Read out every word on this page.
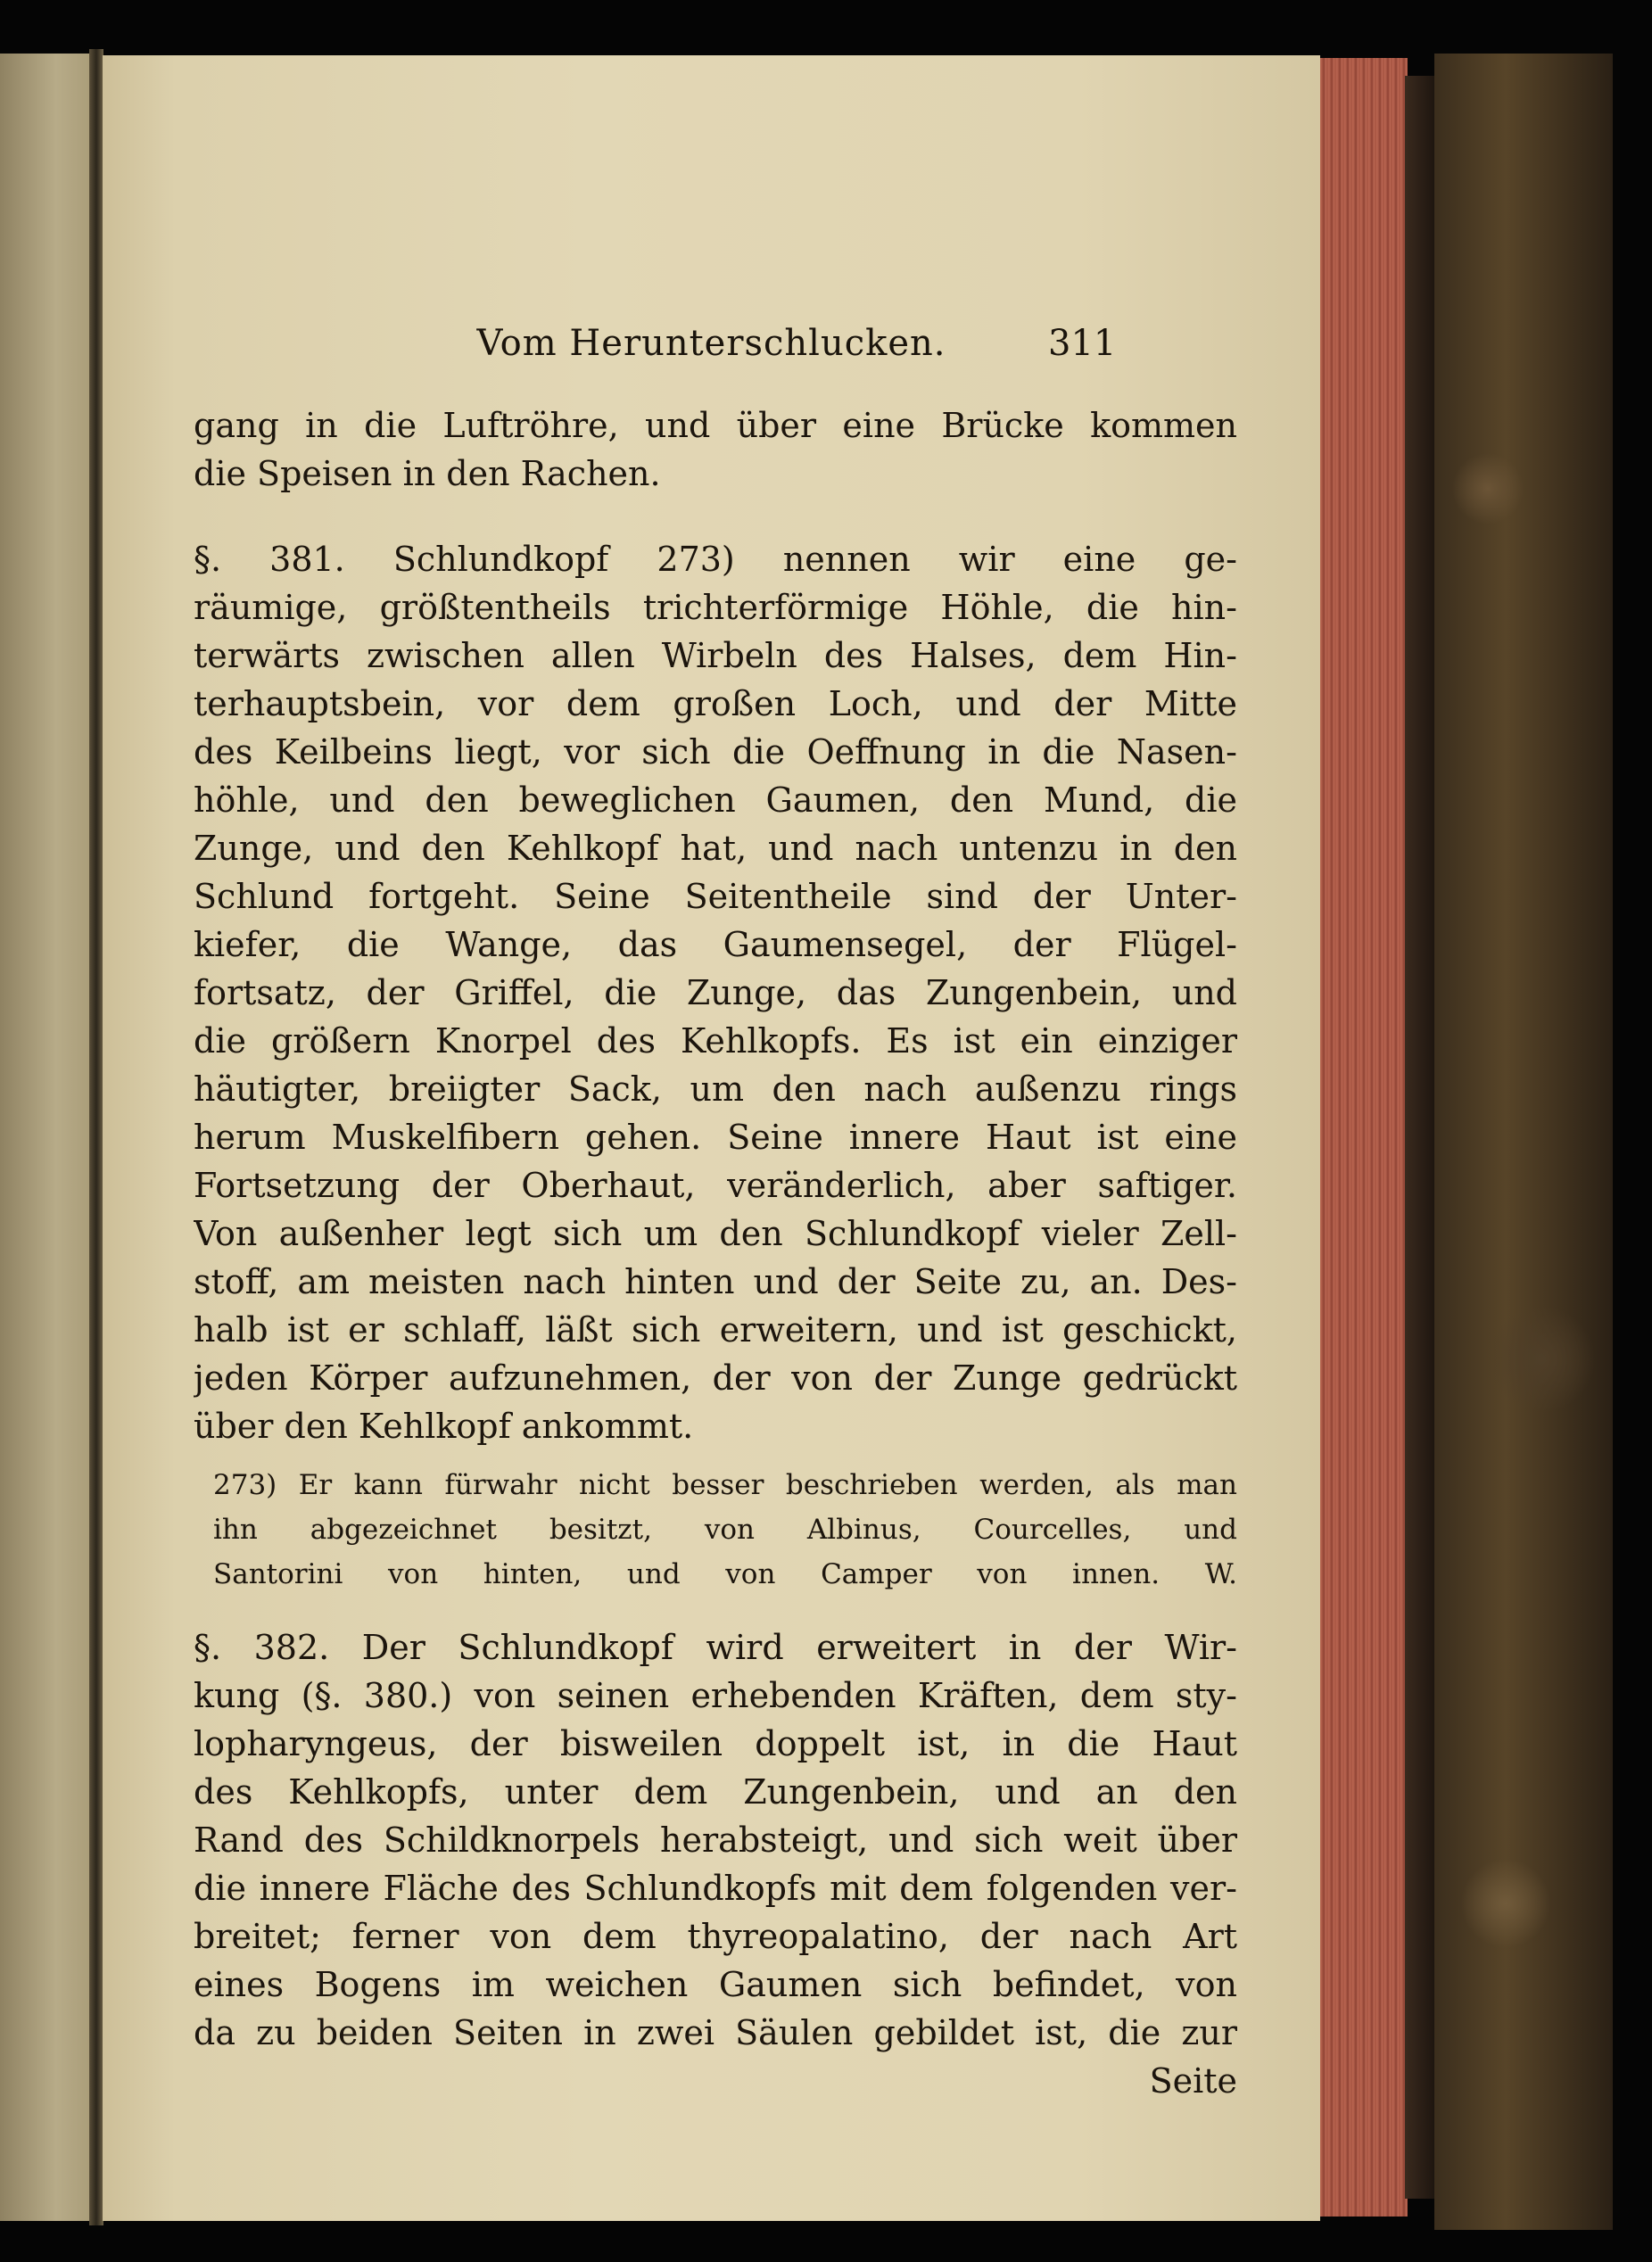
Vom Herunterschlucken.	311
gang in die Luftröhre, und über eine Brücke kommen
die Speisen in den Rachen.
§. 381. Schlundkopf 273) nennen wir eine ge-
räumige, größtentheils trichterförmige Höhle, die hin-
terwärts zwischen allen Wirbeln des Halses, dem Hin-
terhauptsbein, vor dem großen Loch, und der Mitte
des Keilbeins liegt, vor sich die Oeffnung in die Nasen-
höhle, und den beweglichen Gaumen, den Mund, die
Zunge, und den Kehlkopf hat, und nach untenzu in den
Schlund fortgeht. Seine Seitentheile sind der Unter-
kiefer, die Wange, das Gaumensegel, der Flügel-
fortsatz, der Griffel, die Zunge, das Zungenbein, und
die größern Knorpel des Kehlkopfs. Es ist ein einziger
häutigter, breiigter Sack, um den nach außenzu rings
herum Muskelfibern gehen. Seine innere Haut ist eine
Fortsetzung der Oberhaut, veränderlich, aber saftiger.
Von außenher legt sich um den Schlundkopf vieler Zell-
stoff, am meisten nach hinten und der Seite zu, an. Des-
halb ist er schlaff, läßt sich erweitern, und ist geschickt,
jeden Körper aufzunehmen, der von der Zunge gedrückt
über den Kehlkopf ankommt.
273) Er kann fürwahr nicht besser beschrieben werden, als man
ihn abgezeichnet besitzt, von Albinus, Courcelles, und
Santorini von hinten, und von Camper von innen. W.
§. 382. Der Schlundkopf wird erweitert in der Wir-
kung (§. 380.) von seinen erhebenden Kräften, dem sty-
lopharyngeus, der bisweilen doppelt ist, in die Haut
des Kehlkopfs, unter dem Zungenbein, und an den
Rand des Schildknorpels herabsteigt, und sich weit über
die innere Fläche des Schlundkopfs mit dem folgenden ver-
breitet; ferner von dem thyreopalatino, der nach Art
eines Bogens im weichen Gaumen sich befindet, von
da zu beiden Seiten in zwei Säulen gebildet ist, die zur
Seite
